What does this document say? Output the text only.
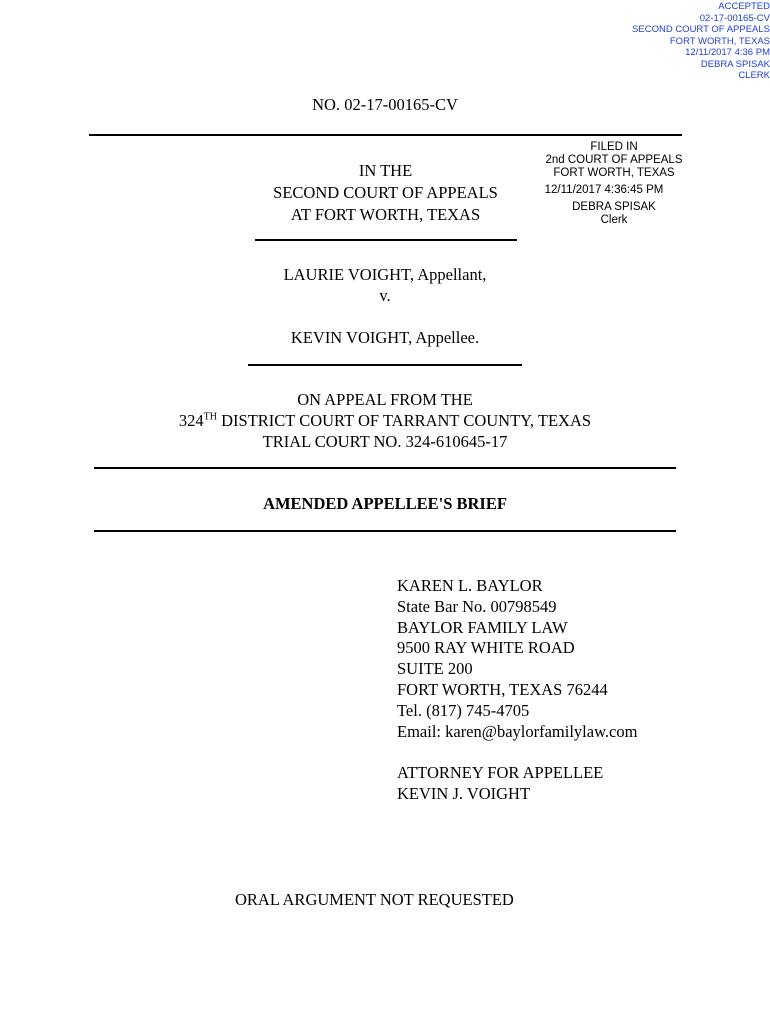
ACCEPTED
02-17-00165-CV
SECOND COURT OF APPEALS
FORT WORTH, TEXAS
12/11/2017 4:36 PM
DEBRA SPISAK
CLERK
NO. 02-17-00165-CV
FILED IN
2nd COURT OF APPEALS
FORT WORTH, TEXAS
12/11/2017 4:36:45 PM
DEBRA SPISAK
Clerk
IN THE
SECOND COURT OF APPEALS
AT FORT WORTH, TEXAS
LAURIE VOIGHT, Appellant,
v.
KEVIN VOIGHT, Appellee.
ON APPEAL FROM THE
324TH DISTRICT COURT OF TARRANT COUNTY, TEXAS
TRIAL COURT NO. 324-610645-17
AMENDED APPELLEE'S BRIEF
KAREN L. BAYLOR
State Bar No. 00798549
BAYLOR FAMILY LAW
9500 RAY WHITE ROAD
SUITE 200
FORT WORTH, TEXAS 76244
Tel. (817) 745-4705
Email: karen@baylorfamilylaw.com
ATTORNEY FOR APPELLEE
KEVIN J. VOIGHT
ORAL ARGUMENT NOT REQUESTED
